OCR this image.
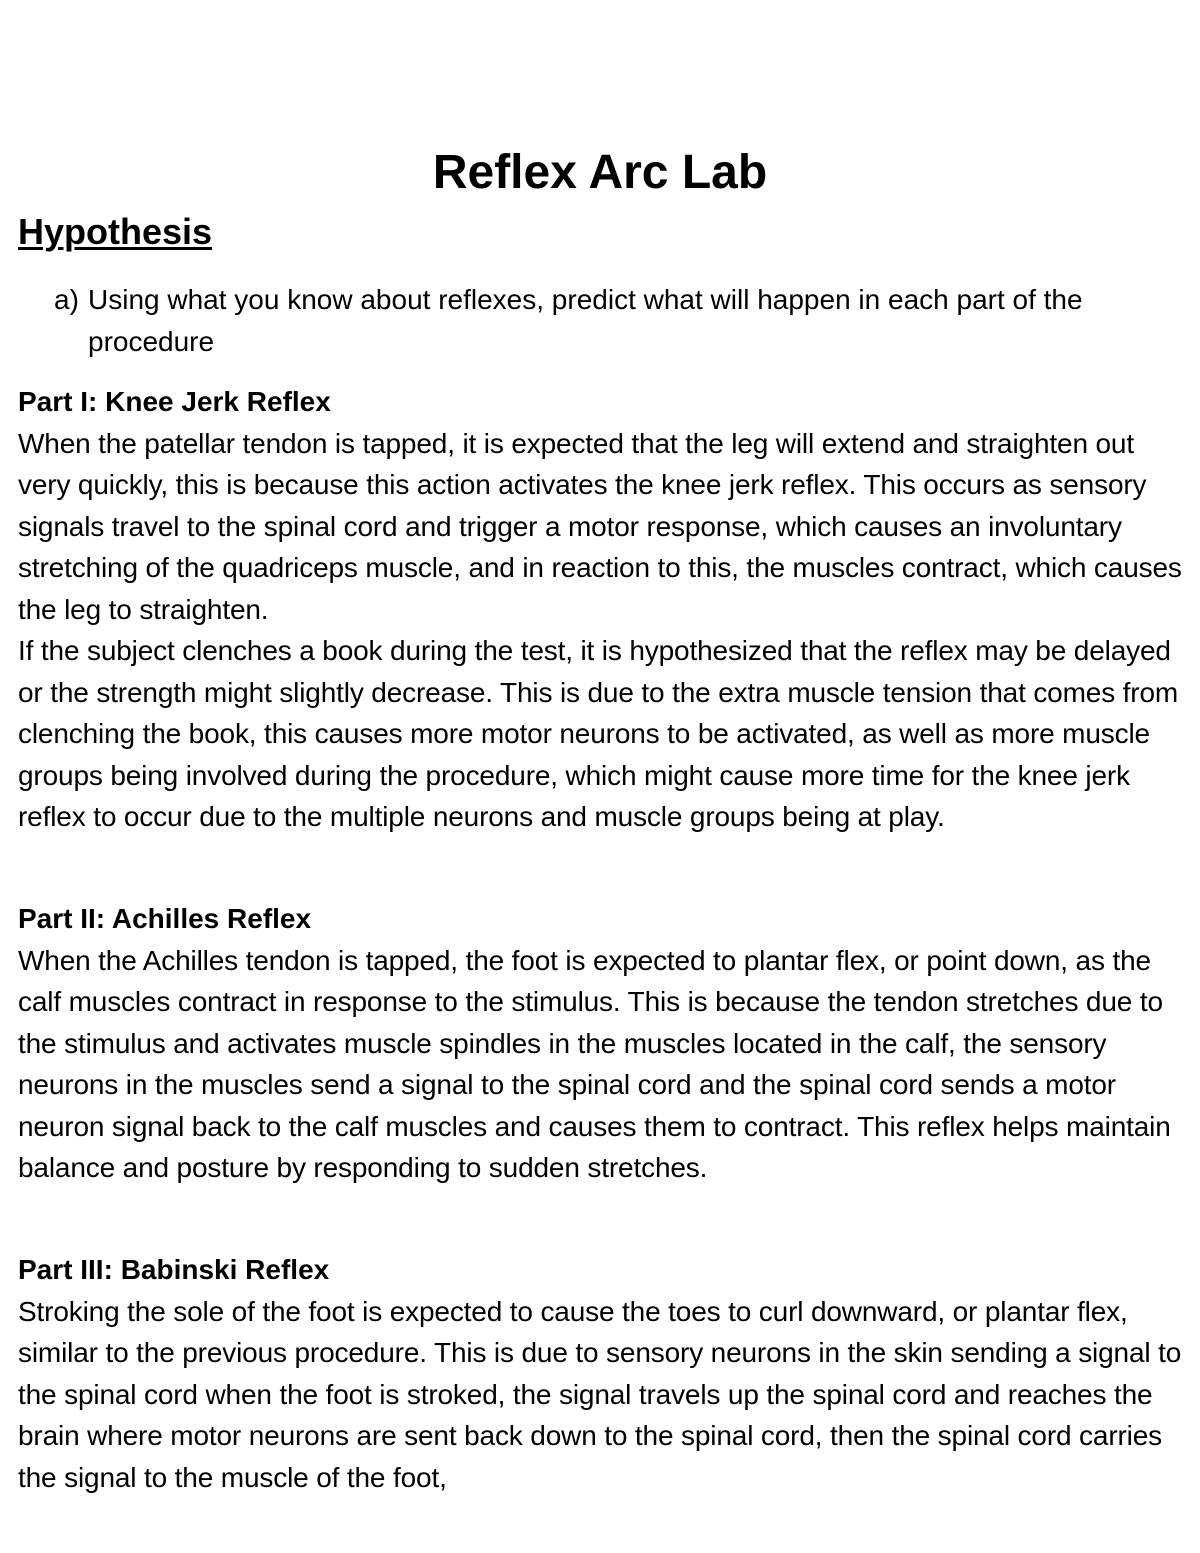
Reflex Arc Lab
Hypothesis
a) Using what you know about reflexes, predict what will happen in each part of the procedure

Part I: Knee Jerk Reflex

When the patellar tendon is tapped, it is expected that the leg will extend and straighten out very quickly, this is because this action activates the knee jerk reflex. This occurs as sensory signals travel to the spinal cord and trigger a motor response, which causes an involuntary stretching of the quadriceps muscle, and in reaction to this, the muscles contract, which causes the leg to straighten.

If the subject clenches a book during the test, it is hypothesized that the reflex may be delayed or the strength might slightly decrease. This is due to the extra muscle tension that comes from clenching the book, this causes more motor neurons to be activated, as well as more muscle groups being involved during the procedure, which might cause more time for the knee jerk reflex to occur due to the multiple neurons and muscle groups being at play.

Part II: Achilles Reflex

When the Achilles tendon is tapped, the foot is expected to plantar flex, or point down, as the calf muscles contract in response to the stimulus. This is because the tendon stretches due to the stimulus and activates muscle spindles in the muscles located in the calf, the sensory neurons in the muscles send a signal to the spinal cord and the spinal cord sends a motor neuron signal back to the calf muscles and causes them to contract. This reflex helps maintain balance and posture by responding to sudden stretches.

Part III: Babinski Reflex

Stroking the sole of the foot is expected to cause the toes to curl downward, or plantar flex, similar to the previous procedure. This is due to sensory neurons in the skin sending a signal to the spinal cord when the foot is stroked, the signal travels up the spinal cord and reaches the brain where motor neurons are sent back down to the spinal cord, then the spinal cord carries the signal to the muscle of the foot,
